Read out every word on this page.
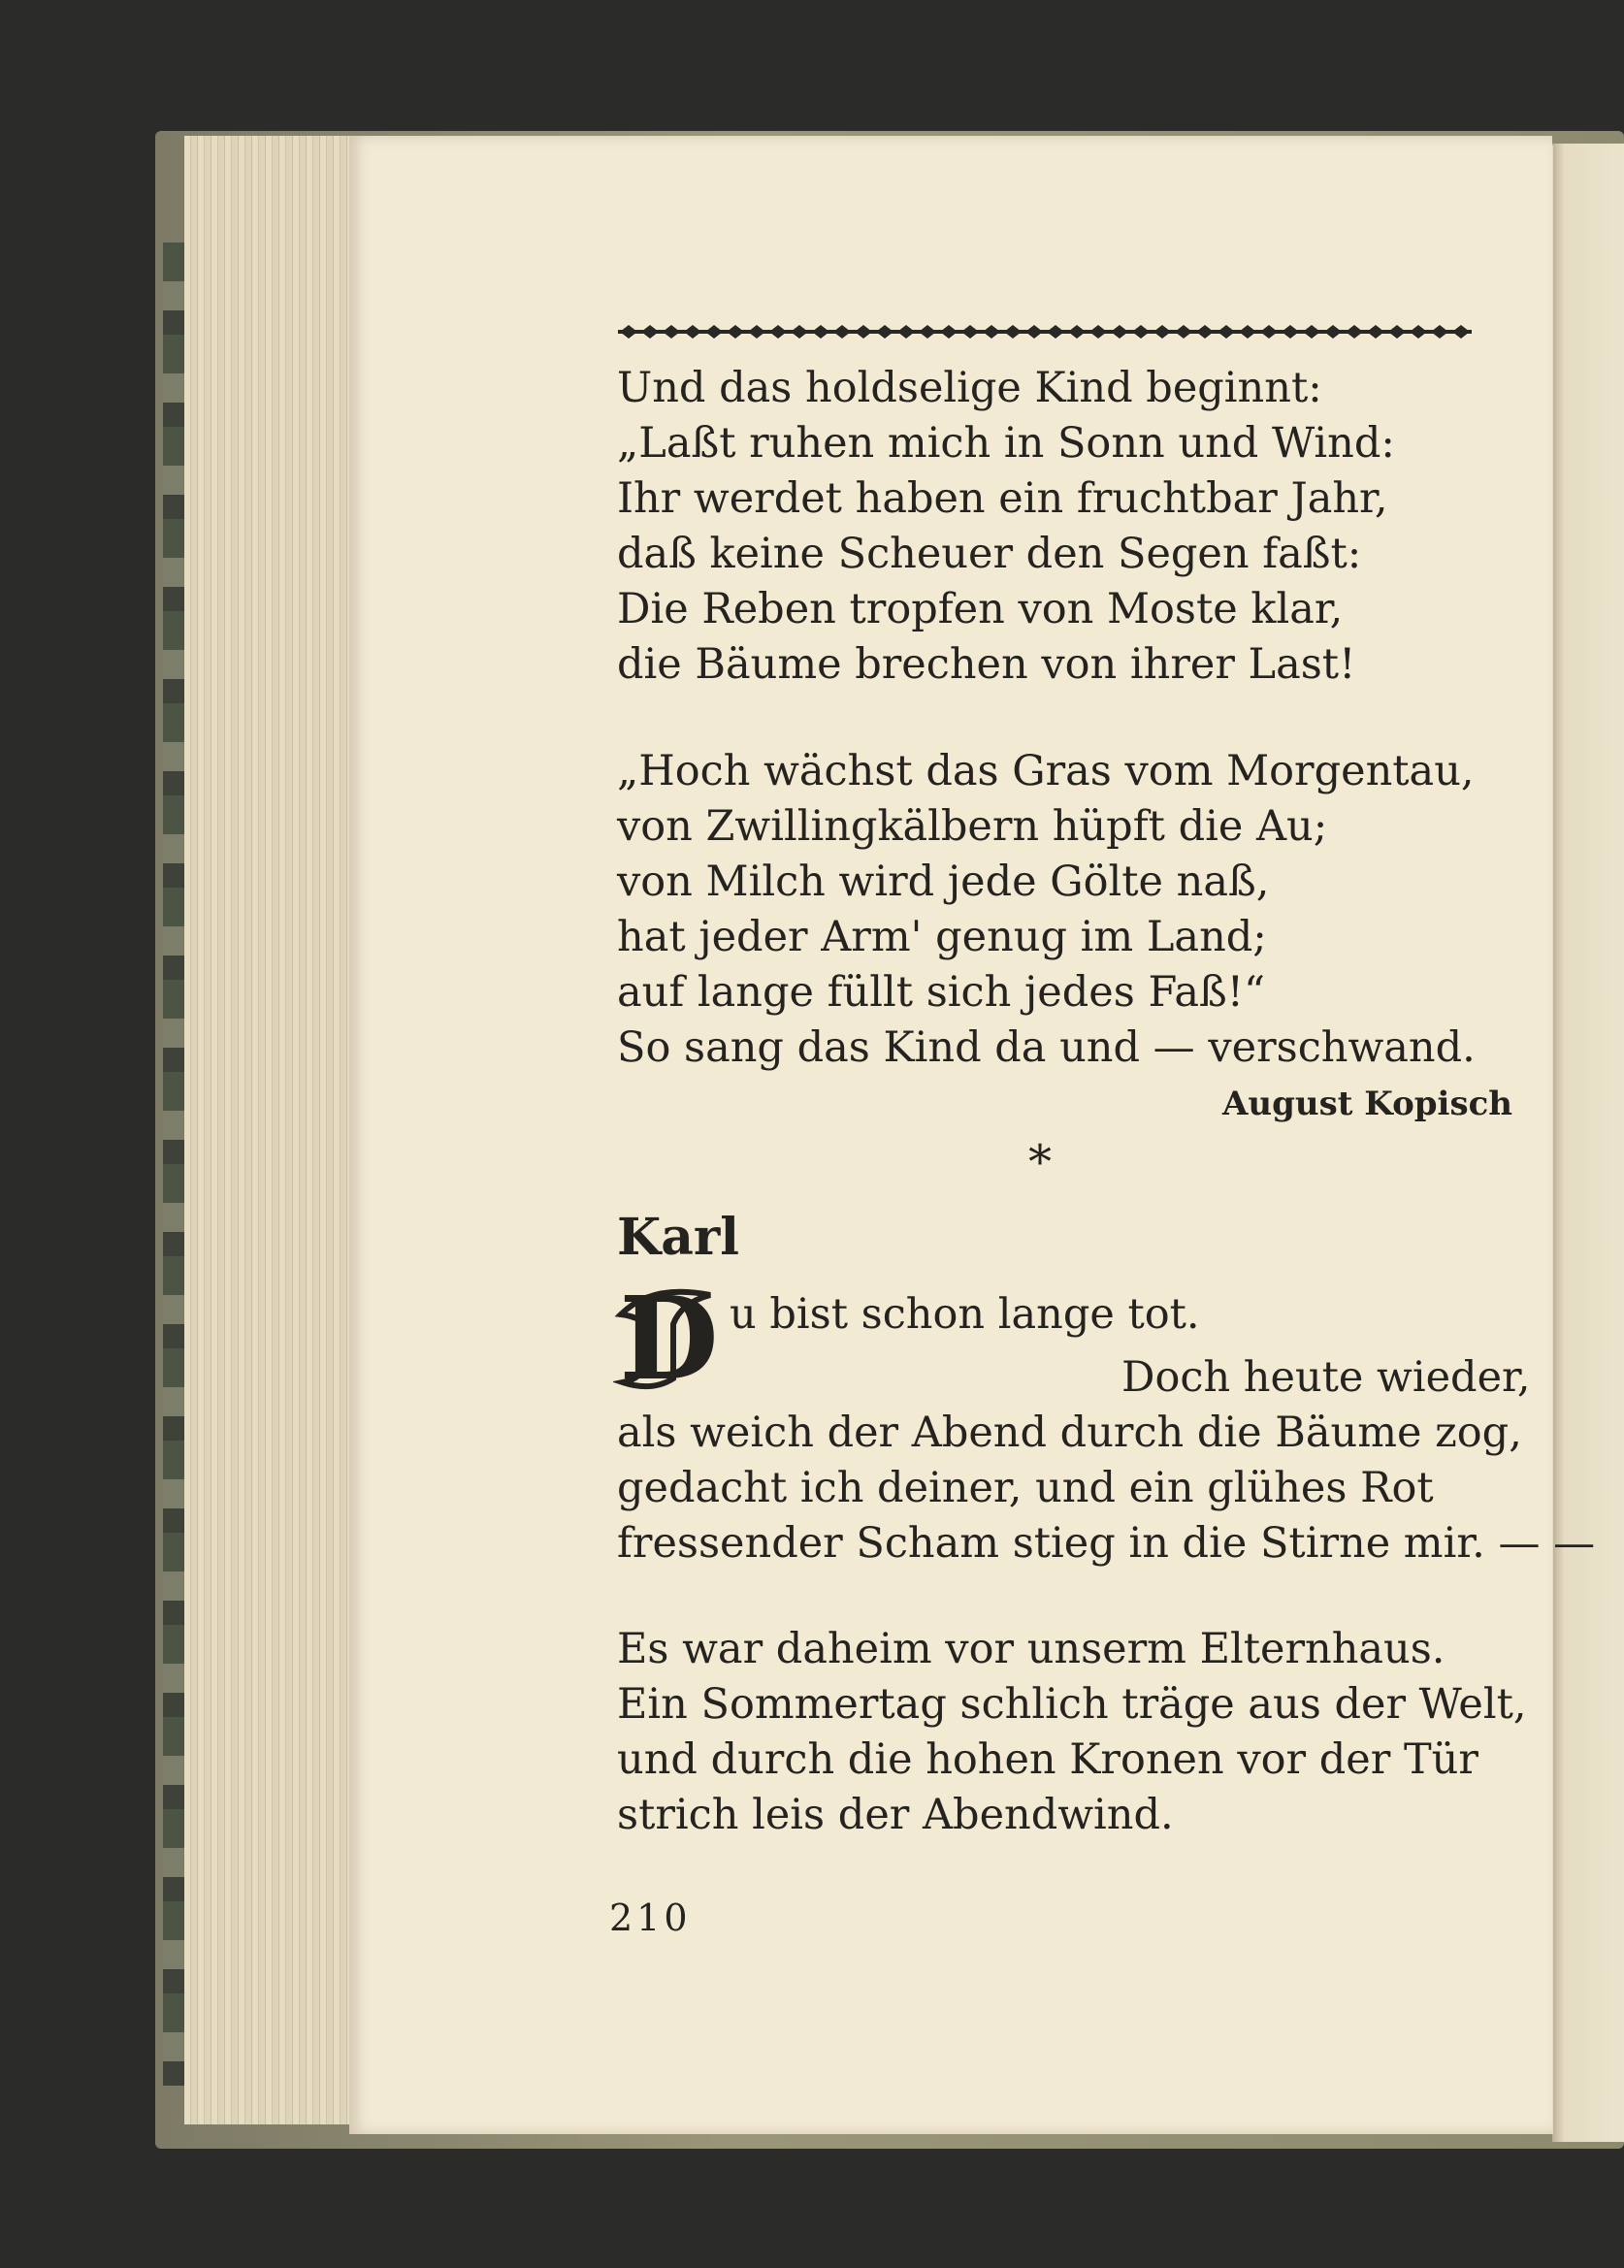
Und das holdselige Kind beginnt:
„Laßt ruhen mich in Sonn und Wind:
Ihr werdet haben ein fruchtbar Jahr,
daß keine Scheuer den Segen faßt:
Die Reben tropfen von Moste klar,
die Bäume brechen von ihrer Last!
„Hoch wächst das Gras vom Morgentau,
von Zwillingkälbern hüpft die Au;
von Milch wird jede Gölte naß,
hat jeder Arm' genug im Land;
auf lange füllt sich jedes Faß!“
So sang das Kind da und — verschwand.
August Kopisch
*
Karl
D u bist schon lange tot.
Doch heute wieder,
als weich der Abend durch die Bäume zog,
gedacht ich deiner, und ein glühes Rot
fressender Scham stieg in die Stirne mir. — —
Es war daheim vor unserm Elternhaus.
Ein Sommertag schlich träge aus der Welt,
und durch die hohen Kronen vor der Tür
strich leis der Abendwind.
210
